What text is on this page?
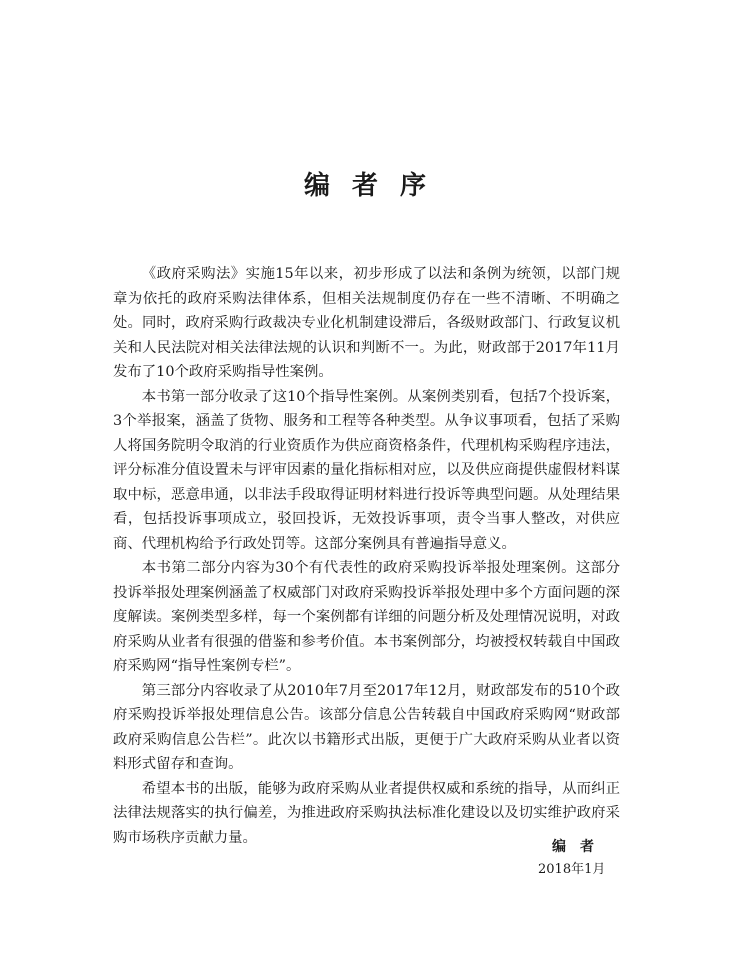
编者序

《政府采购法》实施15年以来，初步形成了以法和条例为统领，以部门规章为依托的政府采购法律体系，但相关法规制度仍存在一些不清晰、不明确之处。同时，政府采购行政裁决专业化机制建设滞后，各级财政部门、行政复议机关和人民法院对相关法律法规的认识和判断不一。为此，财政部于2017年11月发布了10个政府采购指导性案例。

本书第一部分收录了这10个指导性案例。从案例类别看，包括7个投诉案，3个举报案，涵盖了货物、服务和工程等各种类型。从争议事项看，包括了采购人将国务院明令取消的行业资质作为供应商资格条件，代理机构采购程序违法，评分标准分值设置未与评审因素的量化指标相对应，以及供应商提供虚假材料谋取中标，恶意串通，以非法手段取得证明材料进行投诉等典型问题。从处理结果看，包括投诉事项成立，驳回投诉，无效投诉事项，责令当事人整改，对供应商、代理机构给予行政处罚等。这部分案例具有普遍指导意义。

本书第二部分内容为30个有代表性的政府采购投诉举报处理案例。这部分投诉举报处理案例涵盖了权威部门对政府采购投诉举报处理中多个方面问题的深度解读。案例类型多样，每一个案例都有详细的问题分析及处理情况说明，对政府采购从业者有很强的借鉴和参考价值。本书案例部分，均被授权转载自中国政府采购网“指导性案例专栏”。

第三部分内容收录了从2010年7月至2017年12月，财政部发布的510个政府采购投诉举报处理信息公告。该部分信息公告转载自中国政府采购网“财政部政府采购信息公告栏”。此次以书籍形式出版，更便于广大政府采购从业者以资料形式留存和查询。

希望本书的出版，能够为政府采购从业者提供权威和系统的指导，从而纠正法律法规落实的执行偏差，为推进政府采购执法标准化建设以及切实维护政府采购市场秩序贡献力量。

编者
2018年1月
